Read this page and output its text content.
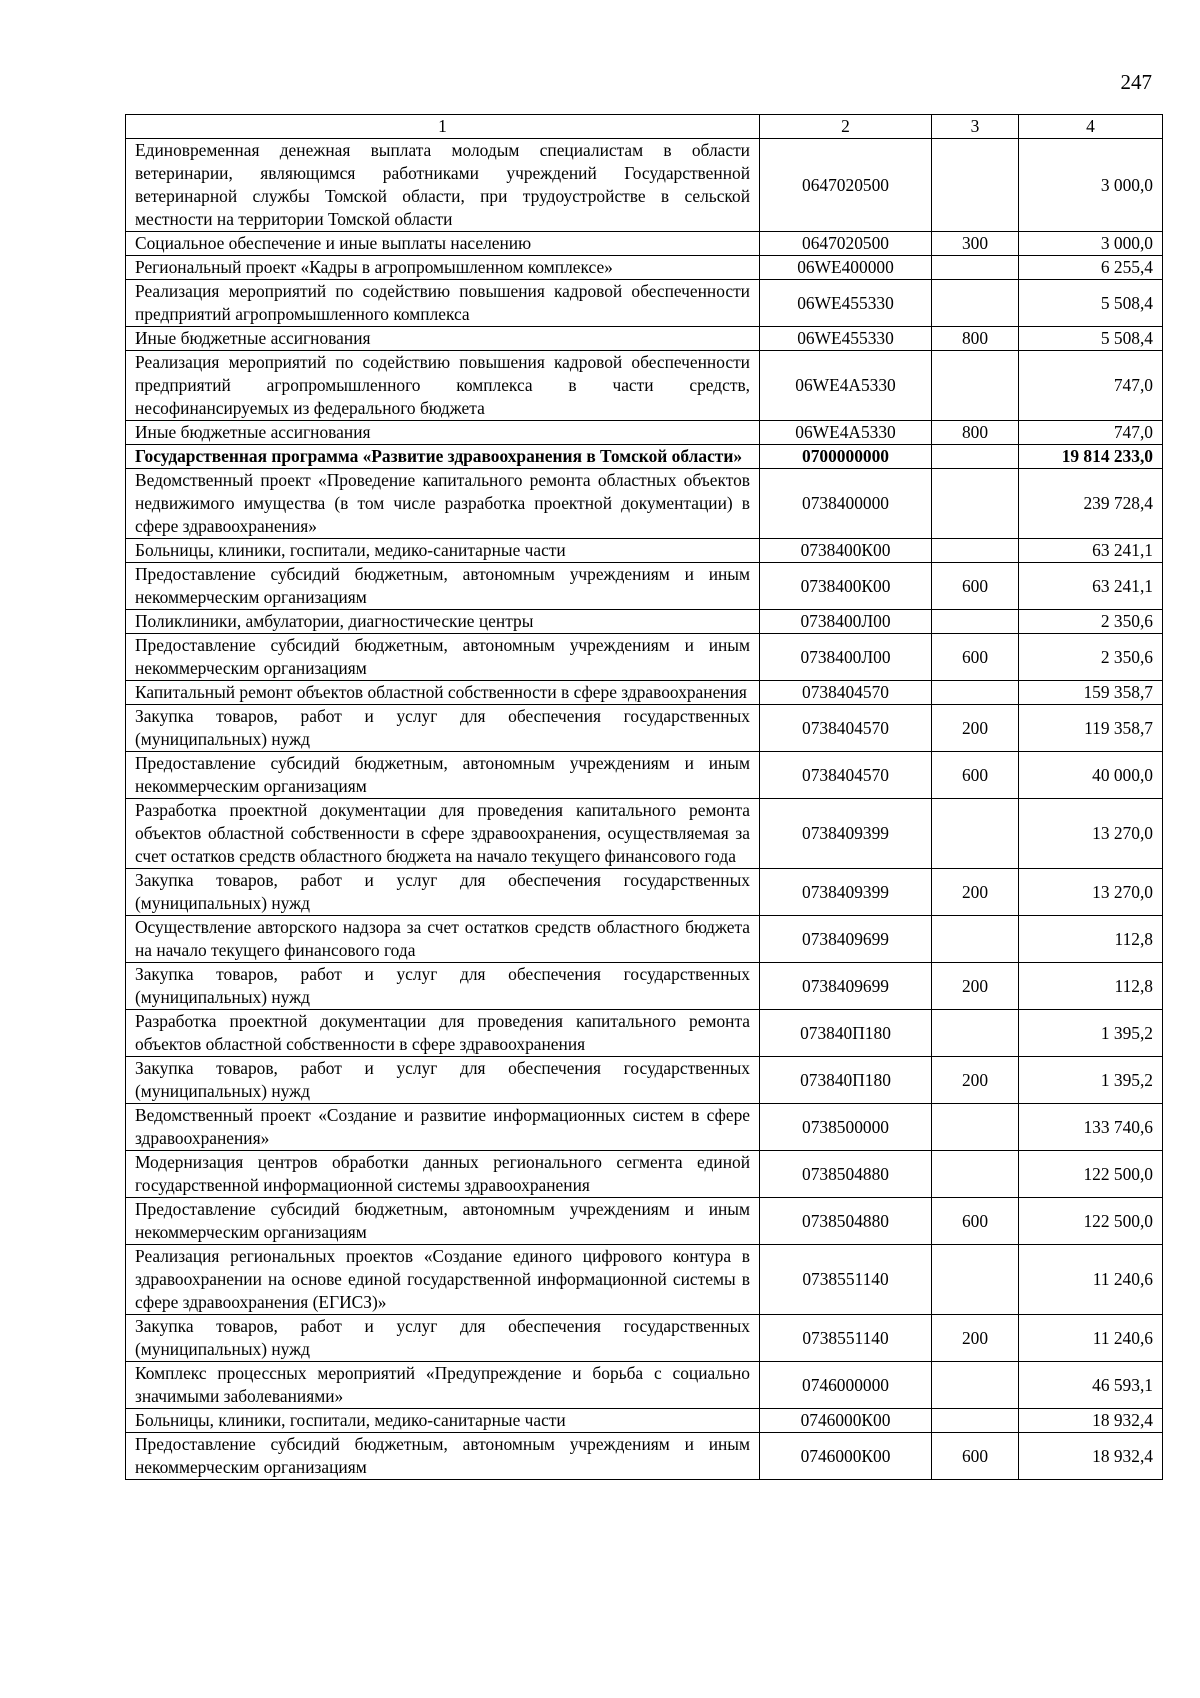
247
1	2	3	4
Единовременная денежная выплата молодым специалистам в области ветеринарии, являющимся работниками учреждений Государственной ветеринарной службы Томской области, при трудоустройстве в сельской местности на территории Томской области	0647020500		3 000,0
Социальное обеспечение и иные выплаты населению	0647020500	300	3 000,0
Региональный проект «Кадры в агропромышленном комплексе»	06WE400000		6 255,4
Реализация мероприятий по содействию повышения кадровой обеспеченности предприятий агропромышленного комплекса	06WE455330		5 508,4
Иные бюджетные ассигнования	06WE455330	800	5 508,4
Реализация мероприятий по содействию повышения кадровой обеспеченности предприятий агропромышленного комплекса в части средств, несофинансируемых из федерального бюджета	06WE4A5330		747,0
Иные бюджетные ассигнования	06WE4A5330	800	747,0
Государственная программа «Развитие здравоохранения в Томской области»	0700000000		19 814 233,0
Ведомственный проект «Проведение капитального ремонта областных объектов недвижимого имущества (в том числе разработка проектной документации) в сфере здравоохранения»	0738400000		239 728,4
Больницы, клиники, госпитали, медико-санитарные части	0738400К00		63 241,1
Предоставление субсидий бюджетным, автономным учреждениям и иным некоммерческим организациям	0738400К00	600	63 241,1
Поликлиники, амбулатории, диагностические центры	0738400Л00		2 350,6
Предоставление субсидий бюджетным, автономным учреждениям и иным некоммерческим организациям	0738400Л00	600	2 350,6
Капитальный ремонт объектов областной собственности в сфере здравоохранения	0738404570		159 358,7
Закупка товаров, работ и услуг для обеспечения государственных (муниципальных) нужд	0738404570	200	119 358,7
Предоставление субсидий бюджетным, автономным учреждениям и иным некоммерческим организациям	0738404570	600	40 000,0
Разработка проектной документации для проведения капитального ремонта объектов областной собственности в сфере здравоохранения, осуществляемая за счет остатков средств областного бюджета на начало текущего финансового года	0738409399		13 270,0
Закупка товаров, работ и услуг для обеспечения государственных (муниципальных) нужд	0738409399	200	13 270,0
Осуществление авторского надзора за счет остатков средств областного бюджета на начало текущего финансового года	0738409699		112,8
Закупка товаров, работ и услуг для обеспечения государственных (муниципальных) нужд	0738409699	200	112,8
Разработка проектной документации для проведения капитального ремонта объектов областной собственности в сфере здравоохранения	073840П180		1 395,2
Закупка товаров, работ и услуг для обеспечения государственных (муниципальных) нужд	073840П180	200	1 395,2
Ведомственный проект «Создание и развитие информационных систем в сфере здравоохранения»	0738500000		133 740,6
Модернизация центров обработки данных регионального сегмента единой государственной информационной системы здравоохранения	0738504880		122 500,0
Предоставление субсидий бюджетным, автономным учреждениям и иным некоммерческим организациям	0738504880	600	122 500,0
Реализация региональных проектов «Создание единого цифрового контура в здравоохранении на основе единой государственной информационной системы в сфере здравоохранения (ЕГИСЗ)»	0738551140		11 240,6
Закупка товаров, работ и услуг для обеспечения государственных (муниципальных) нужд	0738551140	200	11 240,6
Комплекс процессных мероприятий «Предупреждение и борьба с социально значимыми заболеваниями»	0746000000		46 593,1
Больницы, клиники, госпитали, медико-санитарные части	0746000К00		18 932,4
Предоставление субсидий бюджетным, автономным учреждениям и иным некоммерческим организациям	0746000К00	600	18 932,4
